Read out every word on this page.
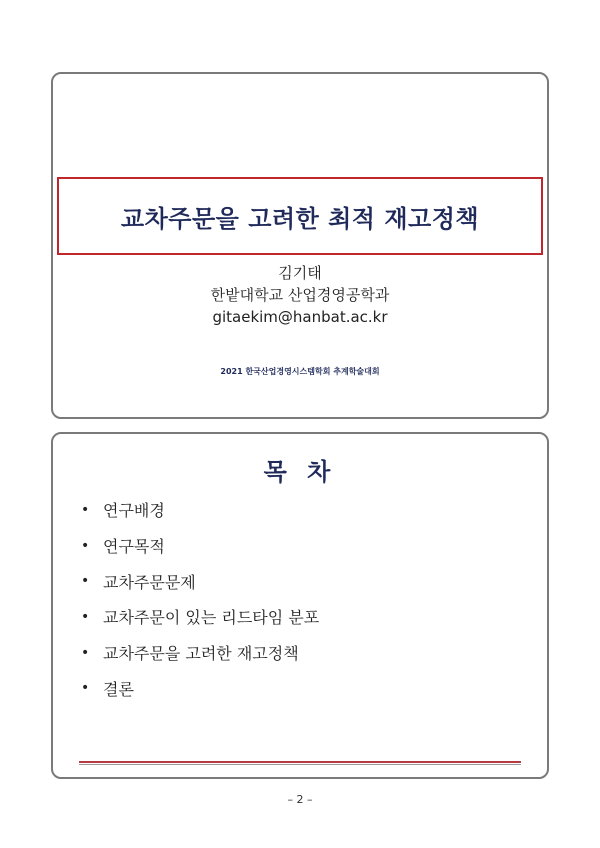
교차주문을 고려한 최적 재고정책
김기태
한밭대학교 산업경영공학과
gitaekim@hanbat.ac.kr
2021 한국산업경영시스템학회 추계학술대회
목 차
• 연구배경
• 연구목적
• 교차주문문제
• 교차주문이 있는 리드타임 분포
• 교차주문을 고려한 재고정책
• 결론
– 2 –
